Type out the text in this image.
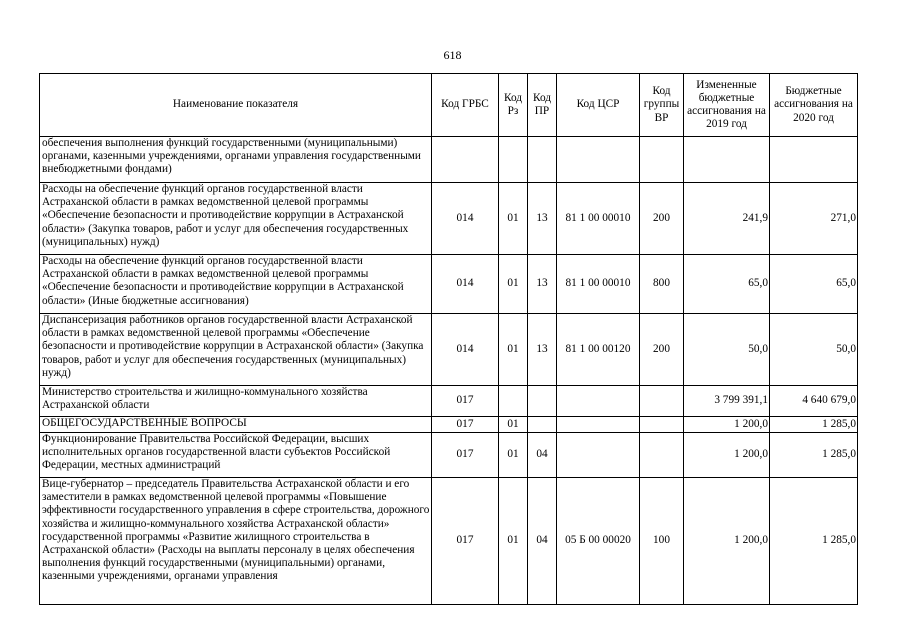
618
Наименование показателя	Код ГРБС	Код Рз	Код ПР	Код ЦСР	Код группы ВР	Измененные бюджетные ассигнования на 2019 год	Бюджетные ассигнования на 2020 год
обеспечения выполнения функций государственными (муниципальными) органами, казенными учреждениями, органами управления государственными внебюджетными фондами)							
Расходы на обеспечение функций органов государственной власти Астраханской области в рамках ведомственной целевой программы «Обеспечение безопасности и противодействие коррупции в Астраханской области» (Закупка товаров, работ и услуг для обеспечения государственных (муниципальных) нужд)	014	01	13	81 1 00 00010	200	241,9	271,0
Расходы на обеспечение функций органов государственной власти Астраханской области в рамках ведомственной целевой программы «Обеспечение безопасности и противодействие коррупции в Астраханской области» (Иные бюджетные ассигнования)	014	01	13	81 1 00 00010	800	65,0	65,0
Диспансеризация работников органов государственной власти Астраханской области в рамках ведомственной целевой программы «Обеспечение безопасности и противодействие коррупции в Астраханской области» (Закупка товаров, работ и услуг для обеспечения государственных (муниципальных) нужд)	014	01	13	81 1 00 00120	200	50,0	50,0
Министерство строительства и жилищно-коммунального хозяйства Астраханской области	017					3 799 391,1	4 640 679,0
ОБЩЕГОСУДАРСТВЕННЫЕ ВОПРОСЫ	017	01				1 200,0	1 285,0
Функционирование Правительства Российской Федерации, высших исполнительных органов государственной власти субъектов Российской Федерации, местных администраций	017	01	04			1 200,0	1 285,0
Вице-губернатор – председатель Правительства Астраханской области и его заместители в рамках ведомственной целевой программы «Повышение эффективности государственного управления в сфере строительства, дорожного хозяйства и жилищно-коммунального хозяйства Астраханской области» государственной программы «Развитие жилищного строительства в Астраханской области» (Расходы на выплаты персоналу в целях обеспечения выполнения функций государственными (муниципальными) органами, казенными учреждениями, органами управления	017	01	04	05 Б 00 00020	100	1 200,0	1 285,0
